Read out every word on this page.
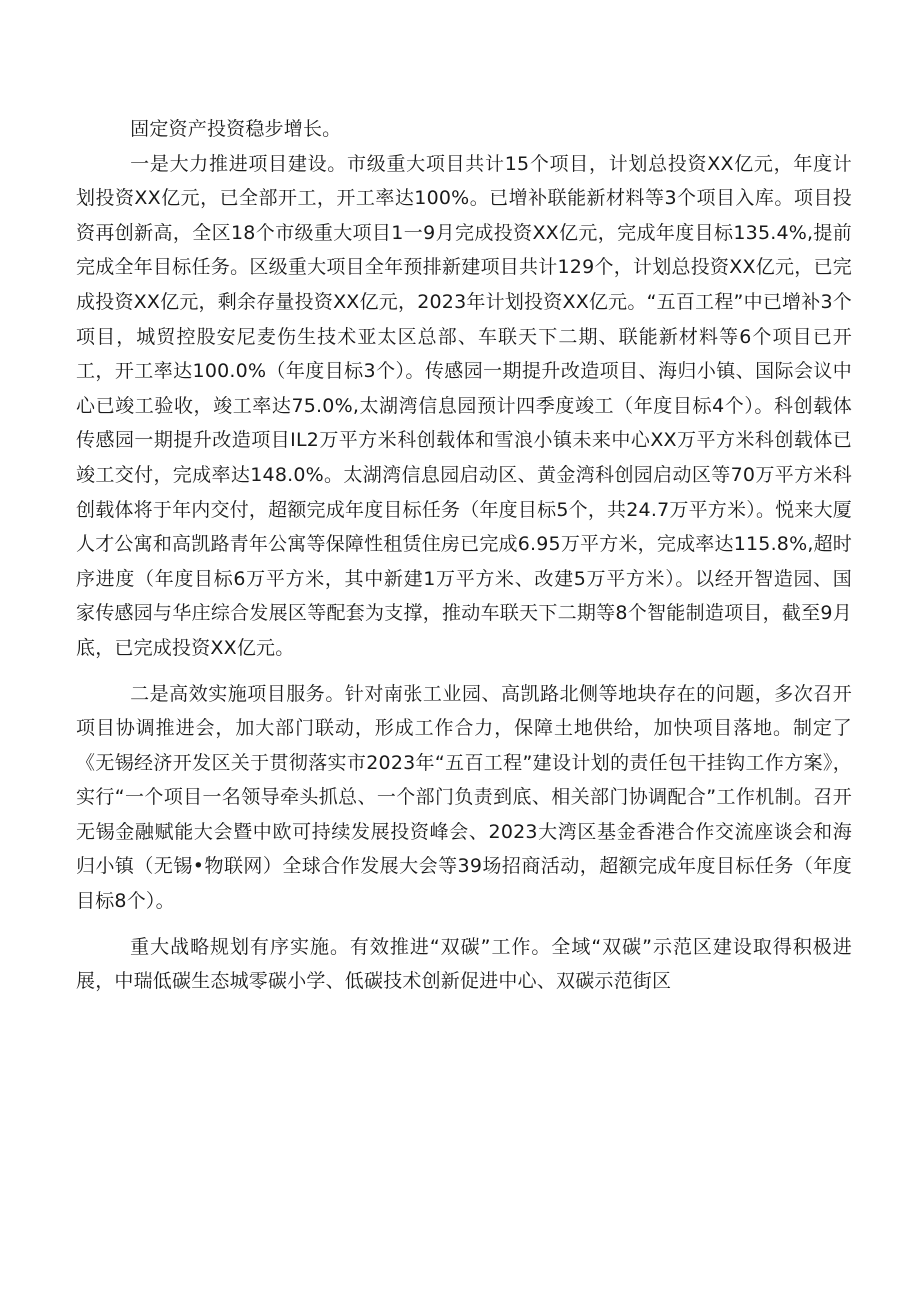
固定资产投资稳步增长。

一是大力推进项目建设。市级重大项目共计15个项目，计划总投资XX亿元，年度计划投资XX亿元，已全部开工，开工率达100%。已增补联能新材料等3个项目入库。项目投资再创新高，全区18个市级重大项目1一9月完成投资XX亿元，完成年度目标135.4%,提前完成全年目标任务。区级重大项目全年预排新建项目共计129个，计划总投资XX亿元，已完成投资XX亿元，剩余存量投资XX亿元，2023年计划投资XX亿元。“五百工程”中已增补3个项目，城贸控股安尼麦伤生技术亚太区总部、车联天下二期、联能新材料等6个项目已开工，开工率达100.0%（年度目标3个）。传感园一期提升改造项目、海归小镇、国际会议中心已竣工验收，竣工率达75.0%,太湖湾信息园预计四季度竣工（年度目标4个）。科创载体传感园一期提升改造项目IL2万平方米科创载体和雪浪小镇未来中心XX万平方米科创载体已竣工交付，完成率达148.0%。太湖湾信息园启动区、黄金湾科创园启动区等70万平方米科创载体将于年内交付，超额完成年度目标任务（年度目标5个，共24.7万平方米）。悦来大厦人才公寓和高凯路青年公寓等保障性租赁住房已完成6.95万平方米，完成率达115.8%,超时序进度（年度目标6万平方米，其中新建1万平方米、改建5万平方米）。以经开智造园、国家传感园与华庄综合发展区等配套为支撑，推动车联天下二期等8个智能制造项目，截至9月底，已完成投资XX亿元。

二是高效实施项目服务。针对南张工业园、高凯路北侧等地块存在的问题，多次召开项目协调推进会，加大部门联动，形成工作合力，保障土地供给，加快项目落地。制定了《无锡经济开发区关于贯彻落实市2023年“五百工程”建设计划的责任包干挂钩工作方案》，实行“一个项目一名领导牵头抓总、一个部门负责到底、相关部门协调配合”工作机制。召开无锡金融赋能大会暨中欧可持续发展投资峰会、2023大湾区基金香港合作交流座谈会和海归小镇（无锡•物联网）全球合作发展大会等39场招商活动，超额完成年度目标任务（年度目标8个）。

重大战略规划有序实施。有效推进“双碳”工作。全域“双碳”示范区建设取得积极进展，中瑞低碳生态城零碳小学、低碳技术创新促进中心、双碳示范街区
